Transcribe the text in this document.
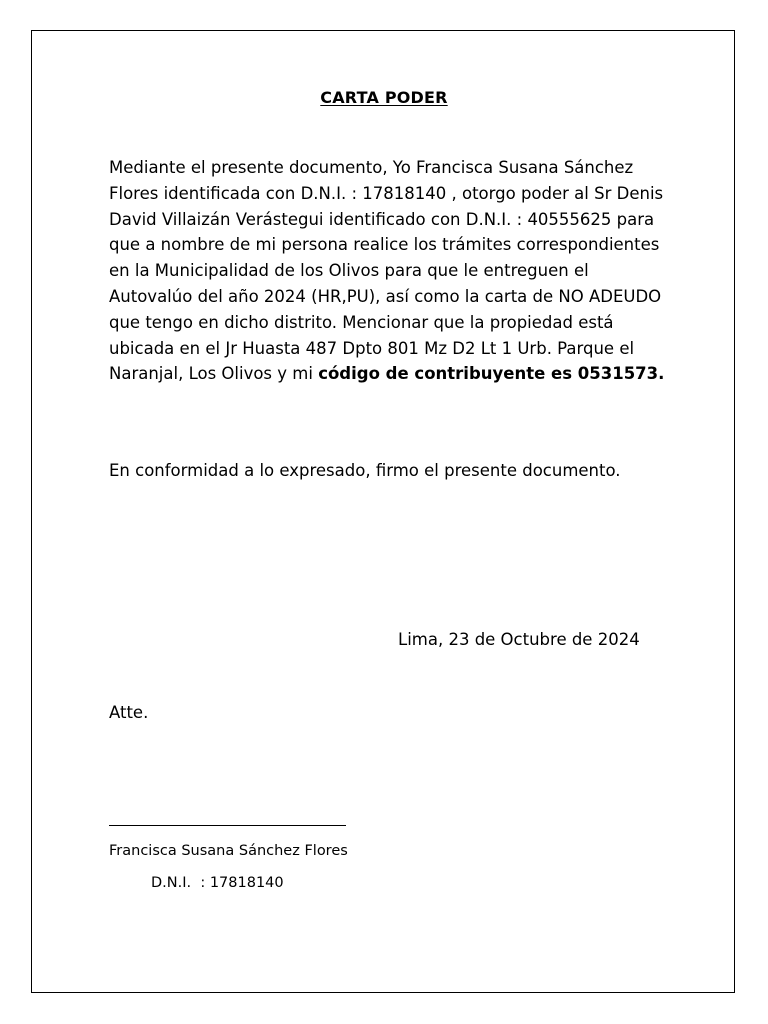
CARTA PODER

Mediante el presente documento, Yo Francisca Susana Sánchez Flores identificada con D.N.I. : 17818140 , otorgo poder al Sr Denis David Villaizán Verástegui identificado con D.N.I. : 40555625 para que a nombre de mi persona realice los trámites correspondientes en la Municipalidad de los Olivos para que le entreguen el Autovalúo del año 2024 (HR,PU), así como la carta de NO ADEUDO que tengo en dicho distrito. Mencionar que la propiedad está ubicada en el Jr Huasta 487 Dpto 801 Mz D2 Lt 1 Urb. Parque el Naranjal, Los Olivos y mi código de contribuyente es 0531573.

En conformidad a lo expresado, firmo el presente documento.

Lima, 23 de Octubre de 2024
Atte.
Francisca Susana Sánchez Flores
D.N.I.  : 17818140
